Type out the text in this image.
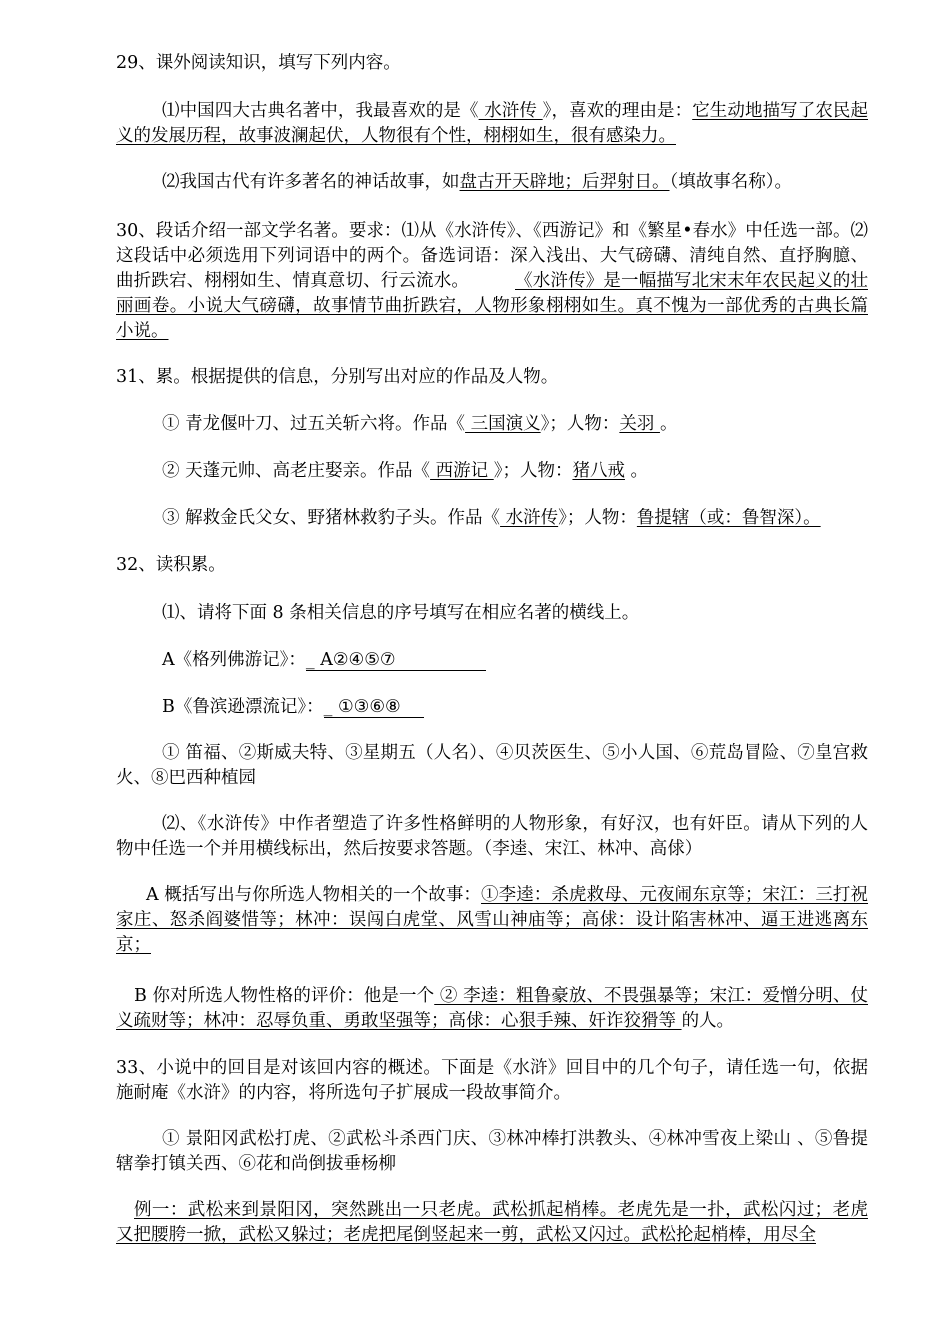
29、课外阅读知识，填写下列内容。
⑴中国四大古典名著中，我最喜欢的是《 水浒传 》，喜欢的理由是：它生动地描写了农民起义的发展历程，故事波澜起伏，人物很有个性，栩栩如生，很有感染力。
⑵我国古代有许多著名的神话故事，如盘古开天辟地；后羿射日。（填故事名称）。
30、段话介绍一部文学名著。要求：⑴从《水浒传》、《西游记》和《繁星•春水》中任选一部。⑵这段话中必须选用下列词语中的两个。备选词语：深入浅出、大气磅礴、清纯自然、直抒胸臆、曲折跌宕、栩栩如生、情真意切、行云流水。	《水浒传》是一幅描写北宋末年农民起义的壮丽画卷。小说大气磅礴，故事情节曲折跌宕，人物形象栩栩如生。真不愧为一部优秀的古典长篇小说。
31、累。根据提供的信息，分别写出对应的作品及人物。
① 青龙偃叶刀、过五关斩六将。作品《 三国演义》；人物：关羽 。
② 天蓬元帅、高老庄娶亲。作品《 西游记 》；人物：猪八戒 。
③ 解救金氏父女、野猪林救豹子头。作品《 水浒传》；人物：鲁提辖（或：鲁智深）。
32、读积累。
⑴、请将下面 8 条相关信息的序号填写在相应名著的横线上。
A《格列佛游记》：_ A②④⑤⑦
B《鲁滨逊漂流记》：_ ①③⑥⑧
① 笛福、②斯威夫特、③星期五（人名）、④贝茨医生、⑤小人国、⑥荒岛冒险、⑦皇宫救火、⑧巴西种植园
⑵、《水浒传》中作者塑造了许多性格鲜明的人物形象，有好汉，也有奸臣。请从下列的人物中任选一个并用横线标出，然后按要求答题。（李逵、宋江、林冲、高俅）
A 概括写出与你所选人物相关的一个故事：①李逵：杀虎救母、元夜闹东京等；宋江：三打祝家庄、怒杀阎婆惜等；林冲：误闯白虎堂、风雪山神庙等；高俅：设计陷害林冲、逼王进逃离东京；
B 你对所选人物性格的评价：他是一个 ② 李逵：粗鲁豪放、不畏强暴等；宋江：爱憎分明、仗义疏财等；林冲：忍辱负重、勇敢坚强等；高俅：心狠手辣、奸诈狡猾等 的人。
33、小说中的回目是对该回内容的概述。下面是《水浒》回目中的几个句子，请任选一句，依据施耐庵《水浒》的内容，将所选句子扩展成一段故事简介。
① 景阳冈武松打虎、②武松斗杀西门庆、③林冲棒打洪教头、④林冲雪夜上梁山 、⑤鲁提辖拳打镇关西、⑥花和尚倒拔垂杨柳
例一：武松来到景阳冈，突然跳出一只老虎。武松抓起梢棒。老虎先是一扑，武松闪过；老虎又把腰胯一掀，武松又躲过；老虎把尾倒竖起来一剪，武松又闪过。武松抡起梢棒，用尽全
